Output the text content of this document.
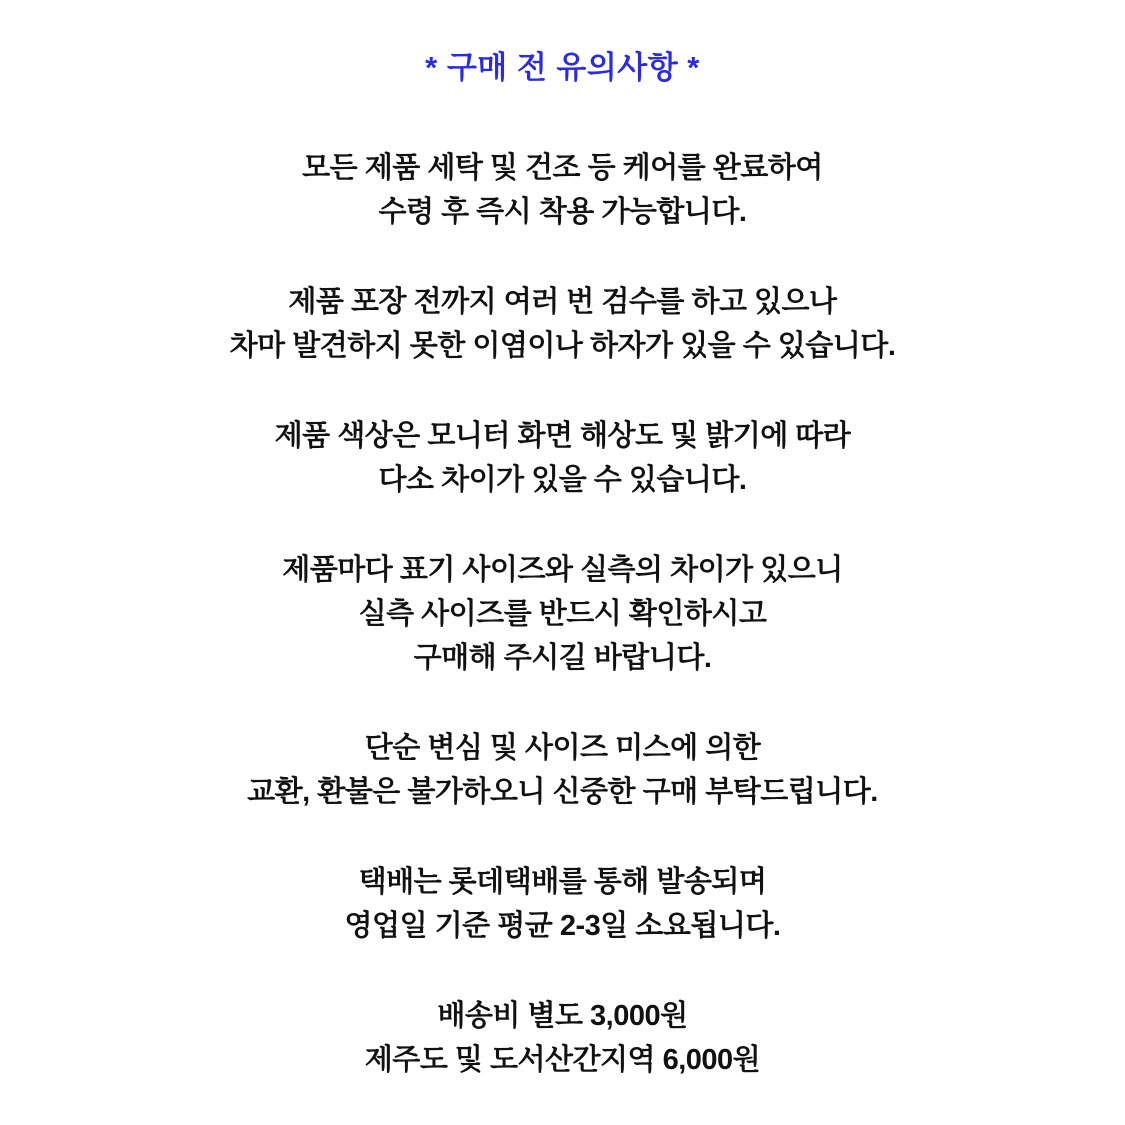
* 구매 전 유의사항 *

모든 제품 세탁 및 건조 등 케어를 완료하여
수령 후 즉시 착용 가능합니다.

제품 포장 전까지 여러 번 검수를 하고 있으나
차마 발견하지 못한 이염이나 하자가 있을 수 있습니다.

제품 색상은 모니터 화면 해상도 및 밝기에 따라
다소 차이가 있을 수 있습니다.

제품마다 표기 사이즈와 실측의 차이가 있으니
실측 사이즈를 반드시 확인하시고
구매해 주시길 바랍니다.

단순 변심 및 사이즈 미스에 의한
교환, 환불은 불가하오니 신중한 구매 부탁드립니다.

택배는 롯데택배를 통해 발송되며
영업일 기준 평균 2-3일 소요됩니다.

배송비 별도 3,000원
제주도 및 도서산간지역 6,000원
